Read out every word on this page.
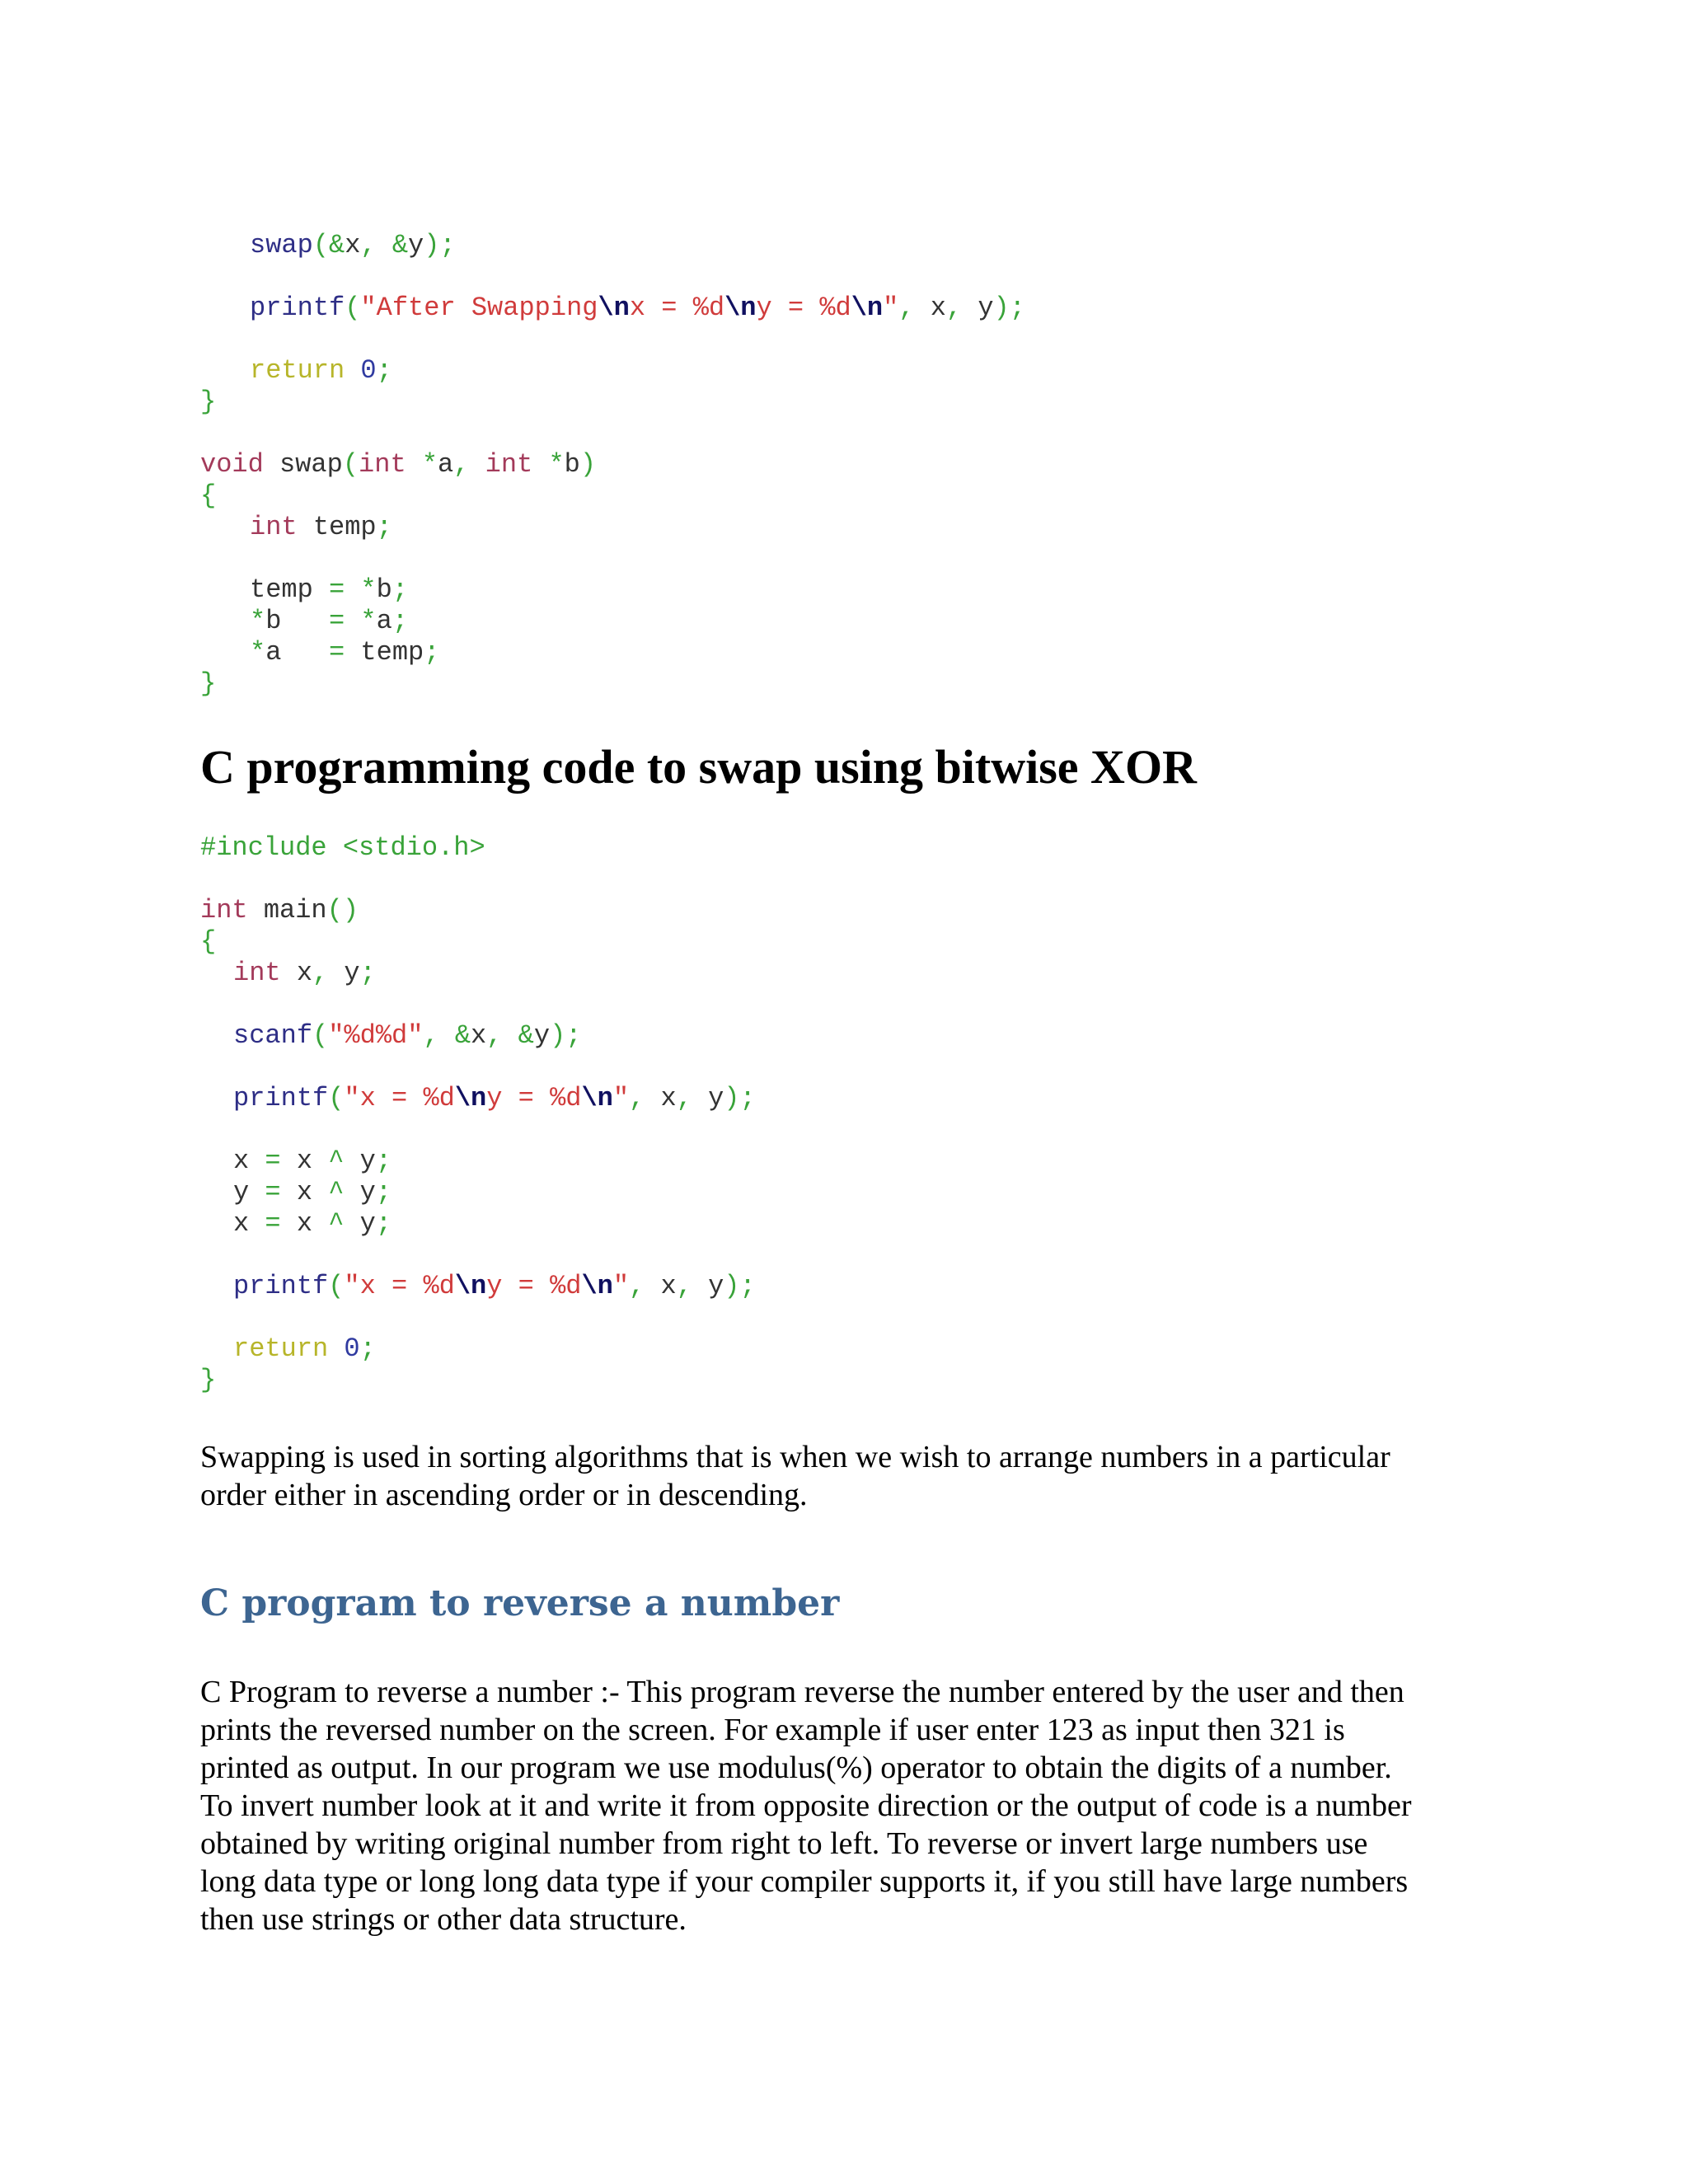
swap(&x, &y);
printf("After Swapping\nx = %d\ny = %d\n", x, y);
return 0;
}
void swap(int *a, int *b)
{
int temp;
temp = *b;
*b   = *a;
*a   = temp;
}
C programming code to swap using bitwise XOR
#include <stdio.h>
int main()
{
int x, y;
scanf("%d%d", &x, &y);
printf("x = %d\ny = %d\n", x, y);
x = x ^ y;
y = x ^ y;
x = x ^ y;
printf("x = %d\ny = %d\n", x, y);
return 0;
}
Swapping is used in sorting algorithms that is when we wish to arrange numbers in a particular
order either in ascending order or in descending.
C program to reverse a number
C Program to reverse a number :- This program reverse the number entered by the user and then
prints the reversed number on the screen. For example if user enter 123 as input then 321 is
printed as output. In our program we use modulus(%) operator to obtain the digits of a number.
To invert number look at it and write it from opposite direction or the output of code is a number
obtained by writing original number from right to left. To reverse or invert large numbers use
long data type or long long data type if your compiler supports it, if you still have large numbers
then use strings or other data structure.
